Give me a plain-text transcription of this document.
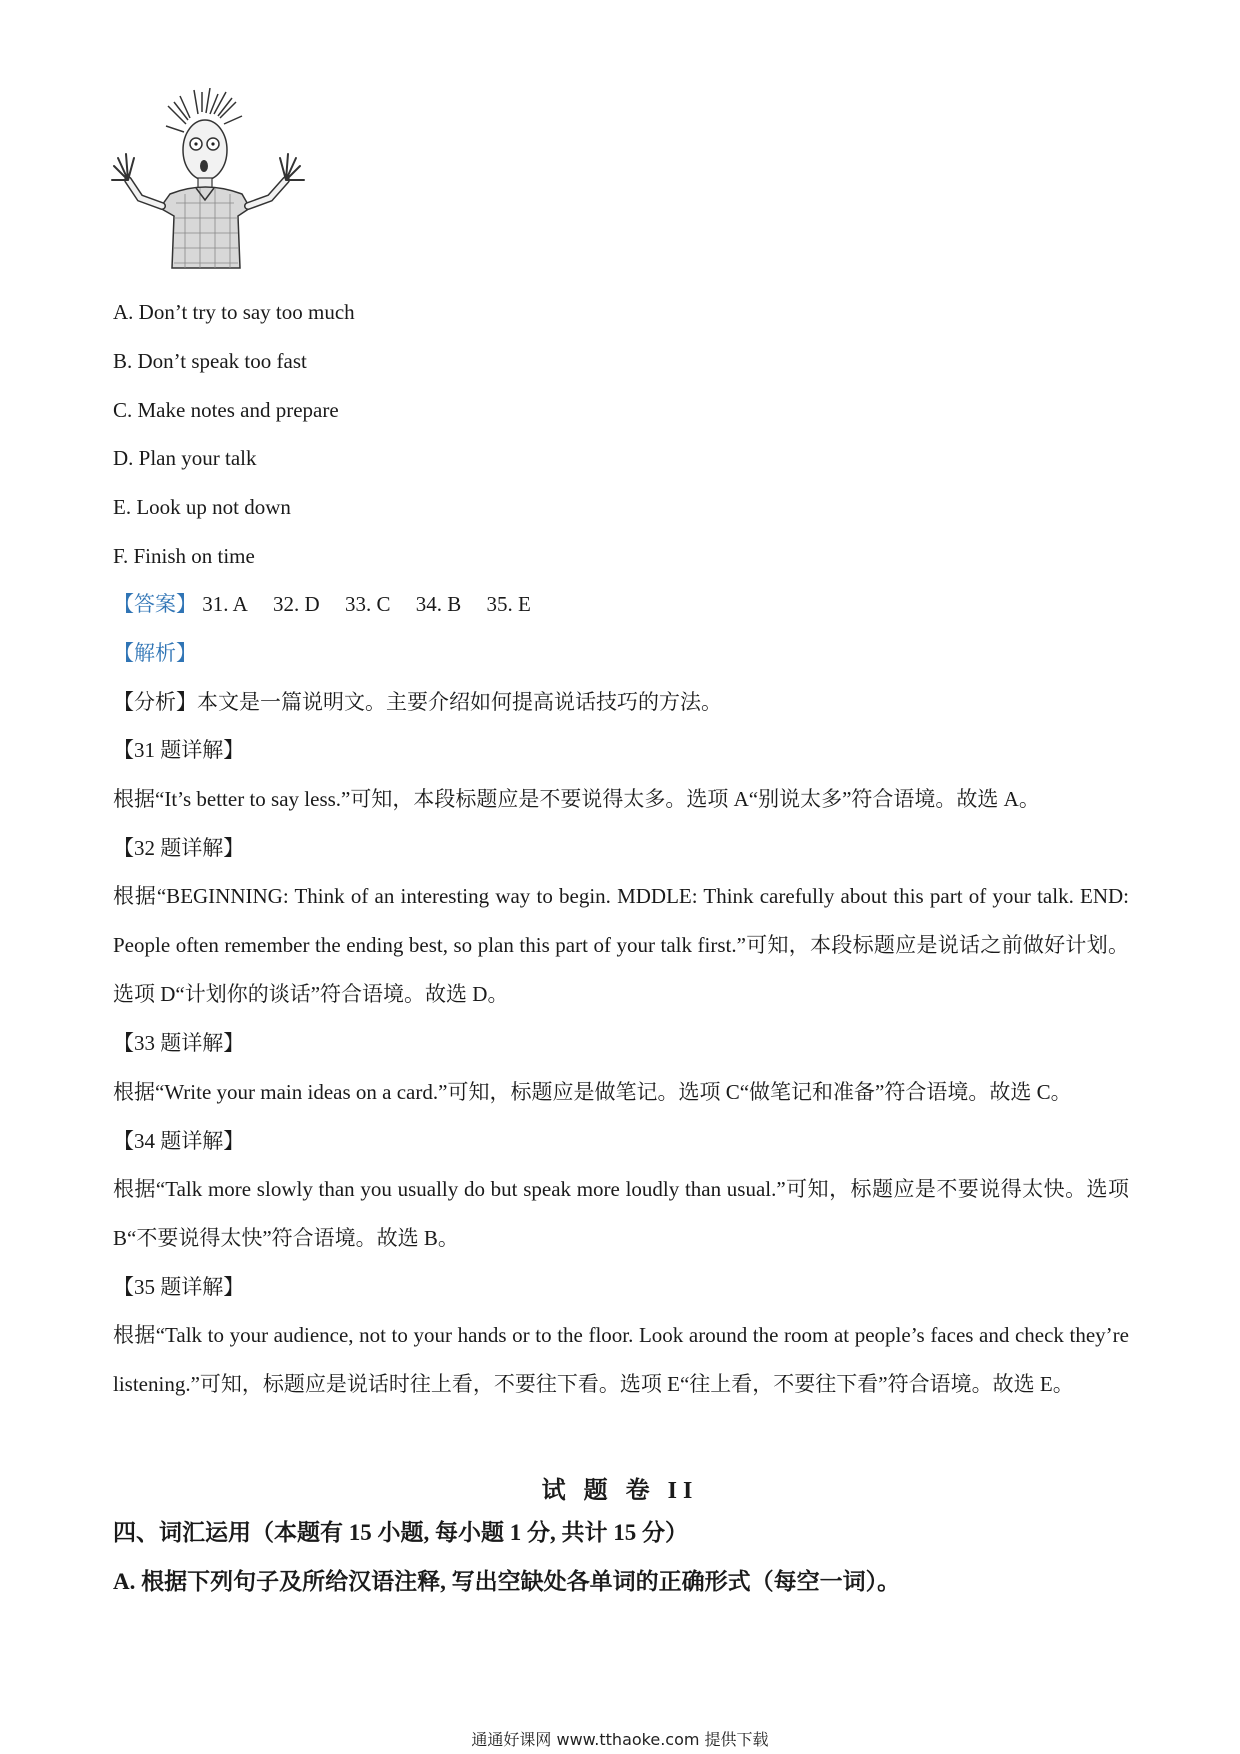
A. Don’t try to say too much
B. Don’t speak too fast
C. Make notes and prepare
D. Plan your talk
E. Look up not down
F. Finish on time
【答案】 31. A 32. D 33. C 34. B 35. E
【解析】
【分析】本文是一篇说明文。主要介绍如何提高说话技巧的方法。
【31 题详解】
根据“It’s better to say less.”可知，本段标题应是不要说得太多。选项 A“别说太多”符合语境。故选 A。
【32 题详解】
根据“BEGINNING: Think of an interesting way to begin. MDDLE: Think carefully about this part of your talk. END: People often remember the ending best, so plan this part of your talk first.”可知，本段标题应是说话之前做好计划。选项 D“计划你的谈话”符合语境。故选 D。
【33 题详解】
根据“Write your main ideas on a card.”可知，标题应是做笔记。选项 C“做笔记和准备”符合语境。故选 C。
【34 题详解】
根据“Talk more slowly than you usually do but speak more loudly than usual.”可知，标题应是不要说得太快。选项 B“不要说得太快”符合语境。故选 B。
【35 题详解】
根据“Talk to your audience, not to your hands or to the floor. Look around the room at people’s faces and check they’re listening.”可知，标题应是说话时往上看，不要往下看。选项 E“往上看，不要往下看”符合语境。故选 E。
试 题 卷 II
四、词汇运用（本题有 15 小题, 每小题 1 分, 共计 15 分）
A. 根据下列句子及所给汉语注释, 写出空缺处各单词的正确形式（每空一词）。
通通好课网 www.tthaoke.com 提供下载
